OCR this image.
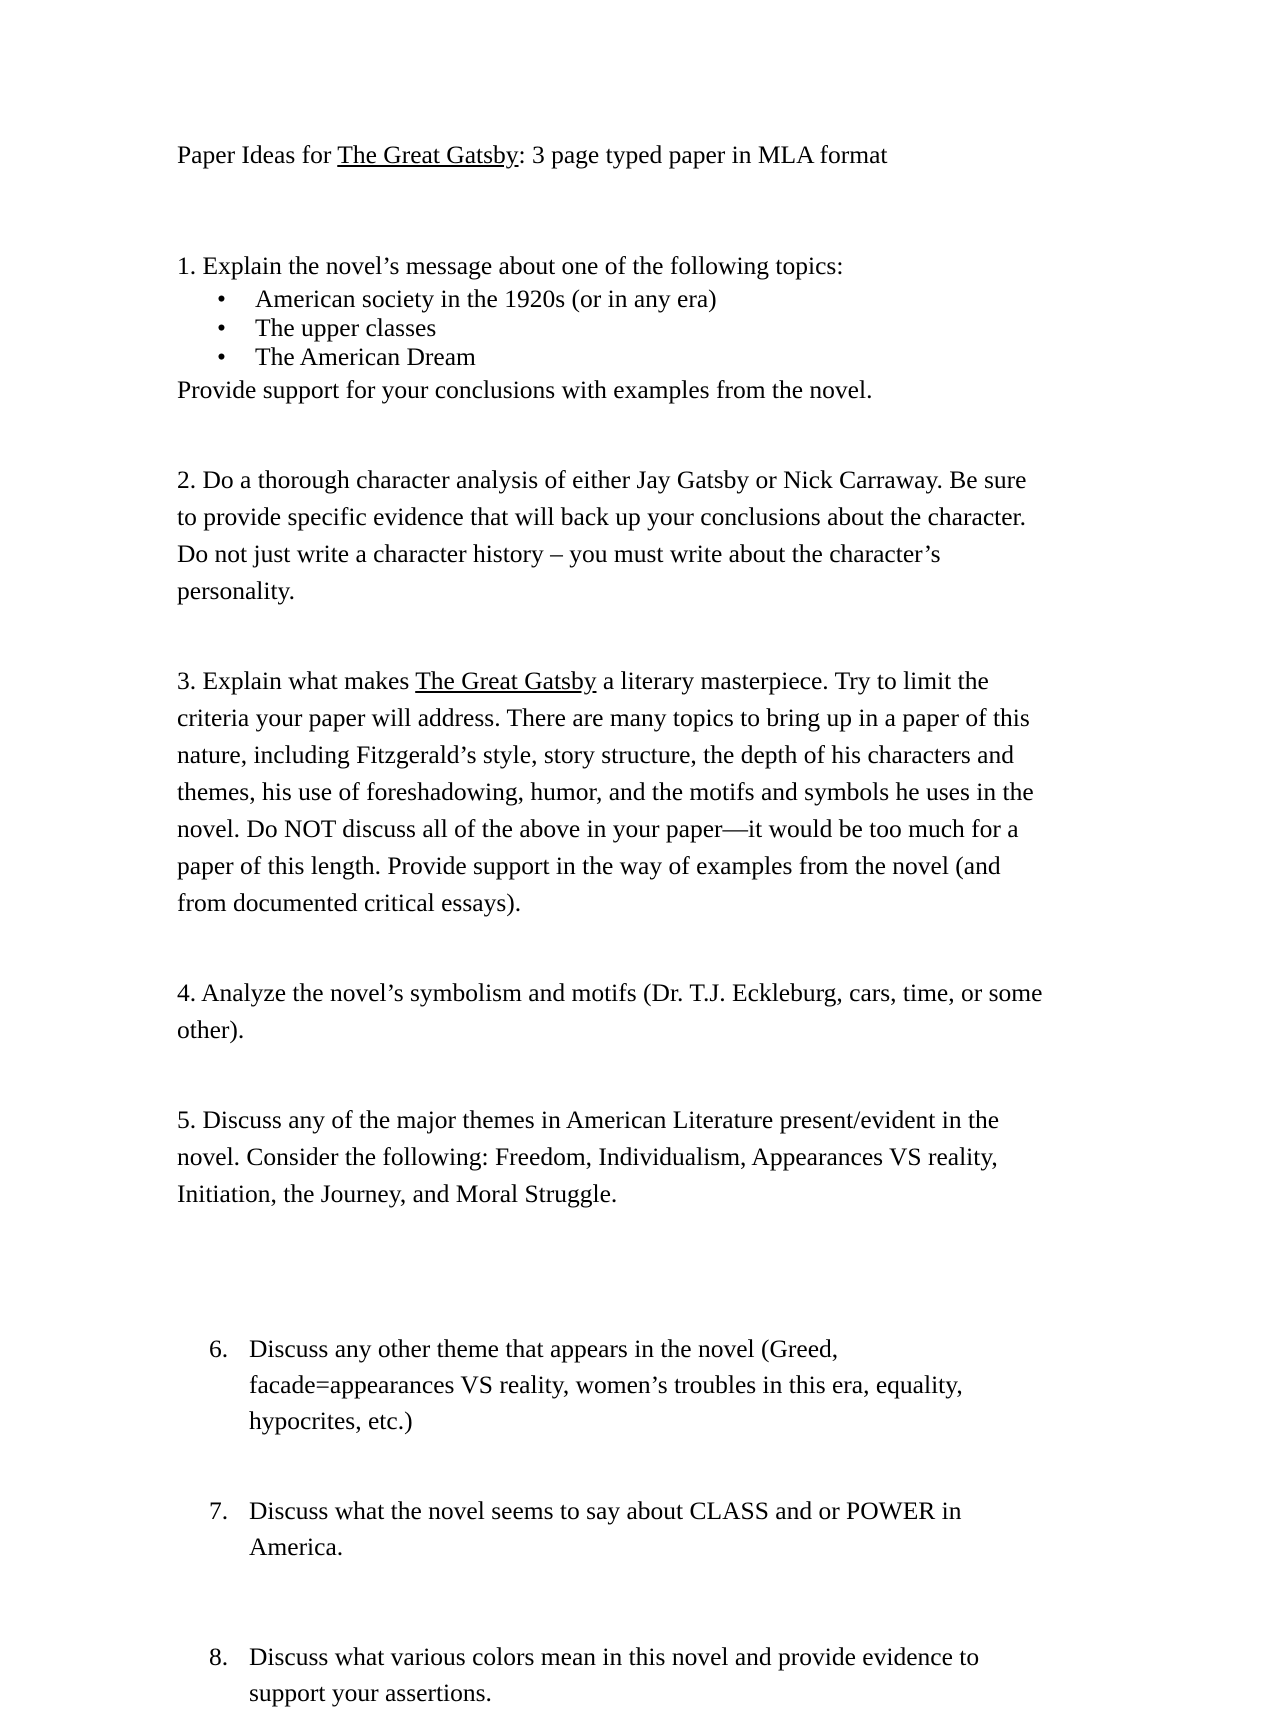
Paper Ideas for The Great Gatsby: 3 page typed paper in MLA format

1. Explain the novel’s message about one of the following topics:

• American society in the 1920s (or in any era)
• The upper classes
• The American Dream

Provide support for your conclusions with examples from the novel.

2. Do a thorough character analysis of either Jay Gatsby or Nick Carraway. Be sure to provide specific evidence that will back up your conclusions about the character. Do not just write a character history – you must write about the character’s personality.

3. Explain what makes The Great Gatsby a literary masterpiece. Try to limit the criteria your paper will address. There are many topics to bring up in a paper of this nature, including Fitzgerald’s style, story structure, the depth of his characters and themes, his use of foreshadowing, humor, and the motifs and symbols he uses in the novel. Do NOT discuss all of the above in your paper—it would be too much for a paper of this length. Provide support in the way of examples from the novel (and from documented critical essays).

4. Analyze the novel’s symbolism and motifs (Dr. T.J. Eckleburg, cars, time, or some other).

5. Discuss any of the major themes in American Literature present/evident in the novel. Consider the following: Freedom, Individualism, Appearances VS reality, Initiation, the Journey, and Moral Struggle.

6. Discuss any other theme that appears in the novel (Greed, facade=appearances VS reality, women’s troubles in this era, equality, hypocrites, etc.)
7. Discuss what the novel seems to say about CLASS and or POWER in America.
8. Discuss what various colors mean in this novel and provide evidence to support your assertions.
